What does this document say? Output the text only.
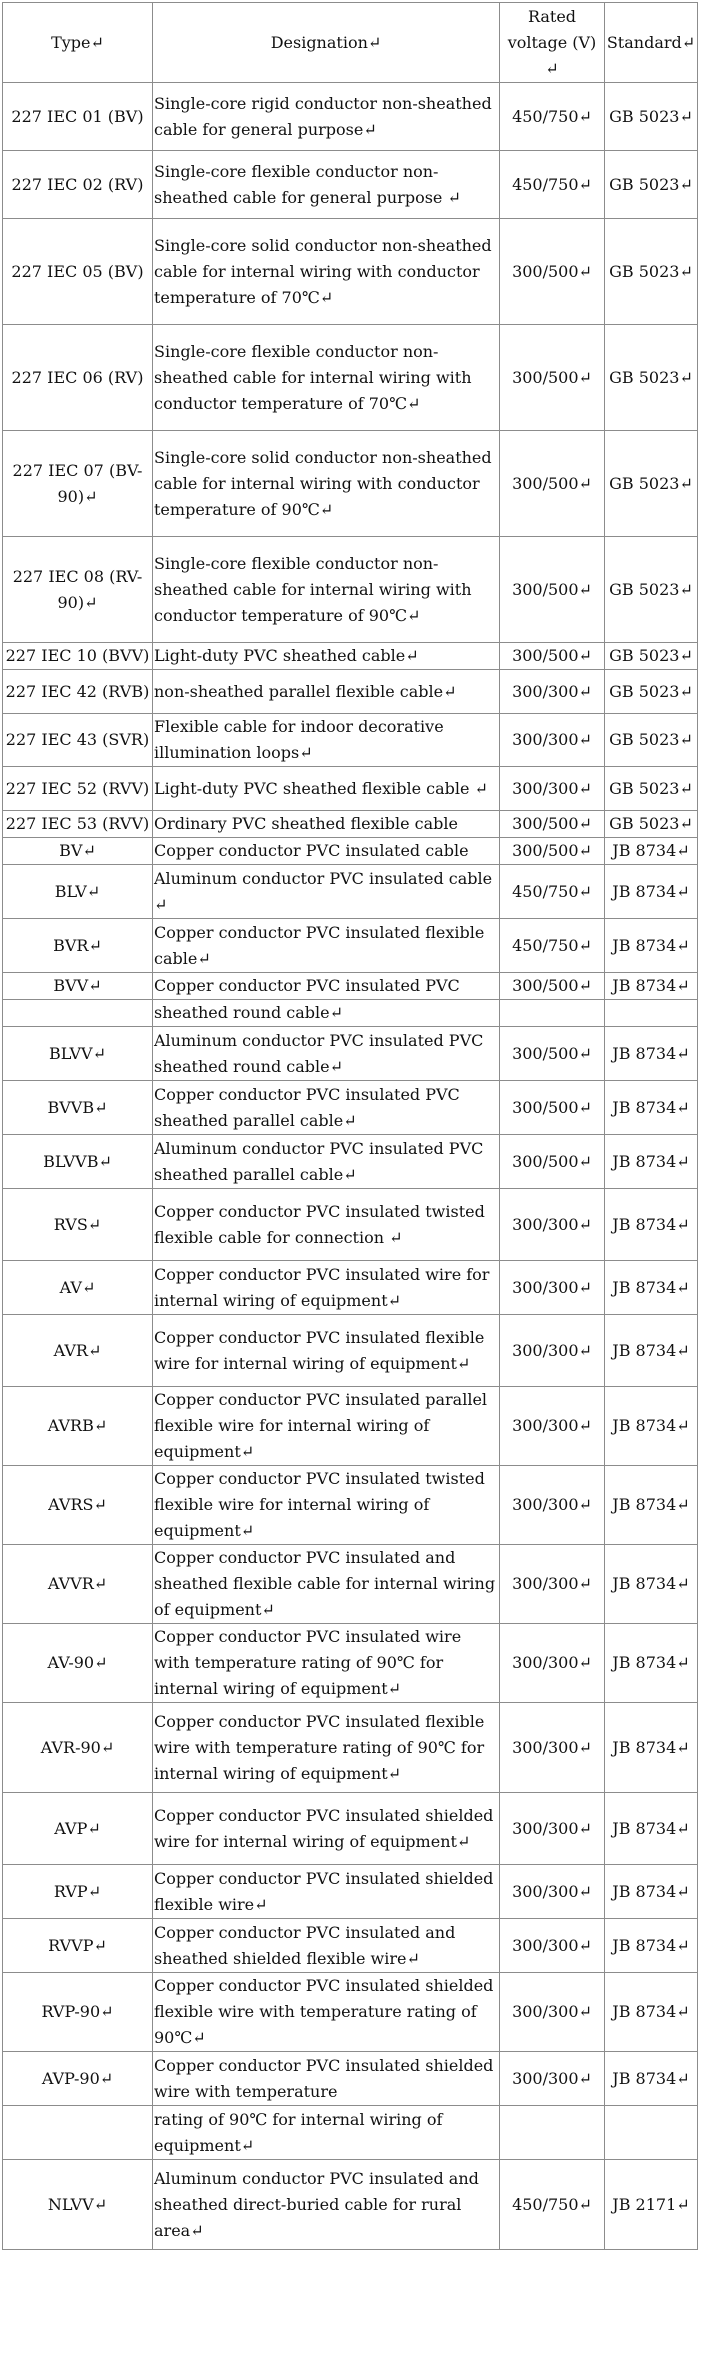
Type↵	Designation↵	Rated voltage (V) ↵	Standard↵
227 IEC 01 (BV)	Single-core rigid conductor non-sheathed cable for general purpose↵	450/750↵	GB 5023↵
227 IEC 02 (RV)	Single-core flexible conductor non-sheathed cable for general purpose ↵	450/750↵	GB 5023↵
227 IEC 05 (BV)	Single-core solid conductor non-sheathed cable for internal wiring with conductor temperature of 70℃↵	300/500↵	GB 5023↵
227 IEC 06 (RV)	Single-core flexible conductor non-sheathed cable for internal wiring with conductor temperature of 70℃↵	300/500↵	GB 5023↵
227 IEC 07 (BV-90)↵	Single-core solid conductor non-sheathed cable for internal wiring with conductor temperature of 90℃↵	300/500↵	GB 5023↵
227 IEC 08 (RV-90)↵	Single-core flexible conductor non-sheathed cable for internal wiring with conductor temperature of 90℃↵	300/500↵	GB 5023↵
227 IEC 10 (BVV)	Light-duty PVC sheathed cable↵	300/500↵	GB 5023↵
227 IEC 42 (RVB)	non-sheathed parallel flexible cable↵	300/300↵	GB 5023↵
227 IEC 43 (SVR)	Flexible cable for indoor decorative illumination loops↵	300/300↵	GB 5023↵
227 IEC 52 (RVV)	Light-duty PVC sheathed flexible cable ↵	300/300↵	GB 5023↵
227 IEC 53 (RVV)	Ordinary PVC sheathed flexible cable	300/500↵	GB 5023↵
BV↵	Copper conductor PVC insulated cable	300/500↵	JB 8734↵
BLV↵	Aluminum conductor PVC insulated cable ↵	450/750↵	JB 8734↵
BVR↵	Copper conductor PVC insulated flexible cable↵	450/750↵	JB 8734↵
BVV↵	Copper conductor PVC insulated PVC	300/500↵	JB 8734↵
	sheathed round cable↵		
BLVV↵	Aluminum conductor PVC insulated PVC sheathed round cable↵	300/500↵	JB 8734↵
BVVB↵	Copper conductor PVC insulated PVC sheathed parallel cable↵	300/500↵	JB 8734↵
BLVVB↵	Aluminum conductor PVC insulated PVC sheathed parallel cable↵	300/500↵	JB 8734↵
RVS↵	Copper conductor PVC insulated twisted flexible cable for connection ↵	300/300↵	JB 8734↵
AV↵	Copper conductor PVC insulated wire for internal wiring of equipment↵	300/300↵	JB 8734↵
AVR↵	Copper conductor PVC insulated flexible wire for internal wiring of equipment↵	300/300↵	JB 8734↵
AVRB↵	Copper conductor PVC insulated parallel flexible wire for internal wiring of equipment↵	300/300↵	JB 8734↵
AVRS↵	Copper conductor PVC insulated twisted flexible wire for internal wiring of equipment↵	300/300↵	JB 8734↵
AVVR↵	Copper conductor PVC insulated and sheathed flexible cable for internal wiring of equipment↵	300/300↵	JB 8734↵
AV-90↵	Copper conductor PVC insulated wire with temperature rating of 90℃ for internal wiring of equipment↵	300/300↵	JB 8734↵
AVR-90↵	Copper conductor PVC insulated flexible wire with temperature rating of 90℃ for internal wiring of equipment↵	300/300↵	JB 8734↵
AVP↵	Copper conductor PVC insulated shielded wire for internal wiring of equipment↵	300/300↵	JB 8734↵
RVP↵	Copper conductor PVC insulated shielded flexible wire↵	300/300↵	JB 8734↵
RVVP↵	Copper conductor PVC insulated and sheathed shielded flexible wire↵	300/300↵	JB 8734↵
RVP-90↵	Copper conductor PVC insulated shielded flexible wire with temperature rating of 90℃↵	300/300↵	JB 8734↵
AVP-90↵	Copper conductor PVC insulated shielded wire with temperature	300/300↵	JB 8734↵
	rating of 90℃ for internal wiring of equipment↵		
NLVV↵	Aluminum conductor PVC insulated and sheathed direct-buried cable for rural area↵	450/750↵	JB 2171↵
